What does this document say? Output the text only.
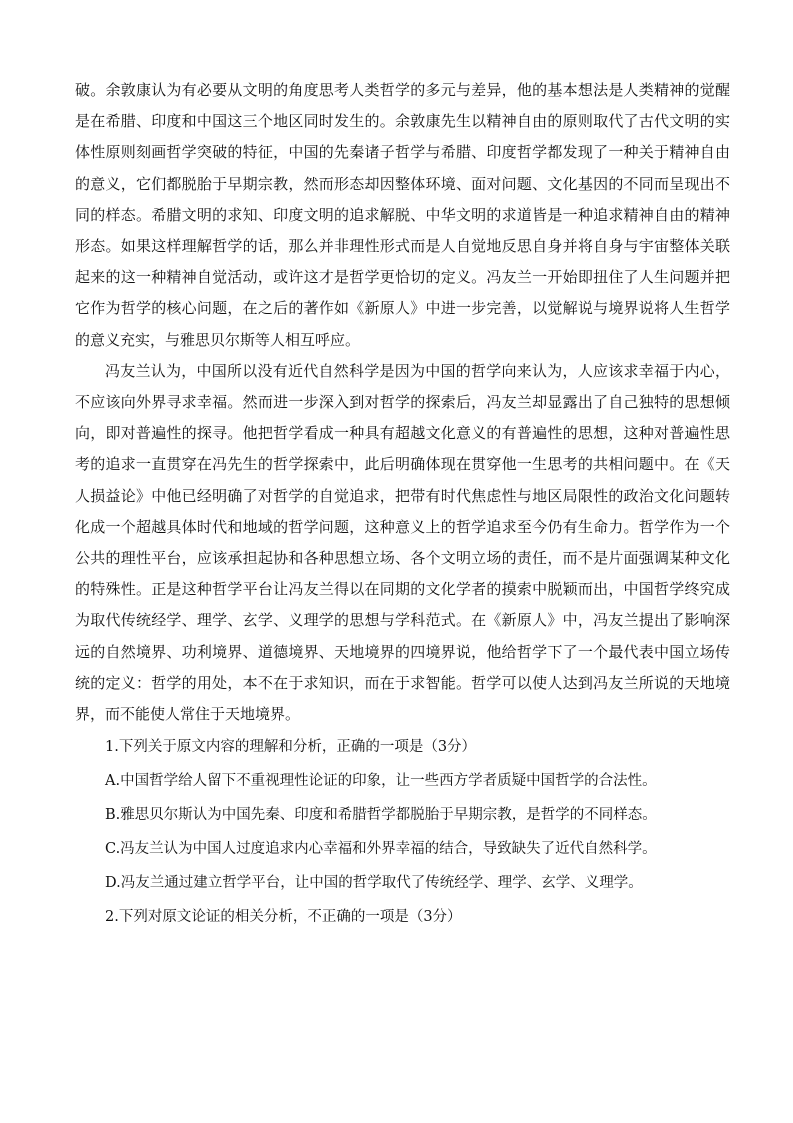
破。余敦康认为有必要从文明的角度思考人类哲学的多元与差异，他的基本想法是人类精神的觉醒是在希腊、印度和中国这三个地区同时发生的。余敦康先生以精神自由的原则取代了古代文明的实体性原则刻画哲学突破的特征，中国的先秦诸子哲学与希腊、印度哲学都发现了一种关于精神自由的意义，它们都脱胎于早期宗教，然而形态却因整体环境、面对问题、文化基因的不同而呈现出不同的样态。希腊文明的求知、印度文明的追求解脱、中华文明的求道皆是一种追求精神自由的精神形态。如果这样理解哲学的话，那么并非理性形式而是人自觉地反思自身并将自身与宇宙整体关联起来的这一种精神自觉活动，或许这才是哲学更恰切的定义。冯友兰一开始即扭住了人生问题并把它作为哲学的核心问题，在之后的著作如《新原人》中进一步完善，以觉解说与境界说将人生哲学的意义充实，与雅思贝尔斯等人相互呼应。

冯友兰认为，中国所以没有近代自然科学是因为中国的哲学向来认为，人应该求幸福于内心，不应该向外界寻求幸福。然而进一步深入到对哲学的探索后，冯友兰却显露出了自己独特的思想倾向，即对普遍性的探寻。他把哲学看成一种具有超越文化意义的有普遍性的思想，这种对普遍性思考的追求一直贯穿在冯先生的哲学探索中，此后明确体现在贯穿他一生思考的共相问题中。在《天人损益论》中他已经明确了对哲学的自觉追求，把带有时代焦虑性与地区局限性的政治文化问题转化成一个超越具体时代和地域的哲学问题，这种意义上的哲学追求至今仍有生命力。哲学作为一个公共的理性平台，应该承担起协和各种思想立场、各个文明立场的责任，而不是片面强调某种文化的特殊性。正是这种哲学平台让冯友兰得以在同期的文化学者的摸索中脱颖而出，中国哲学终究成为取代传统经学、理学、玄学、义理学的思想与学科范式。在《新原人》中，冯友兰提出了影响深远的自然境界、功利境界、道德境界、天地境界的四境界说，他给哲学下了一个最代表中国立场传统的定义：哲学的用处，本不在于求知识，而在于求智能。哲学可以使人达到冯友兰所说的天地境界，而不能使人常住于天地境界。

1.下列关于原文内容的理解和分析，正确的一项是（3分）

A.中国哲学给人留下不重视理性论证的印象，让一些西方学者质疑中国哲学的合法性。

B.雅思贝尔斯认为中国先秦、印度和希腊哲学都脱胎于早期宗教，是哲学的不同样态。

C.冯友兰认为中国人过度追求内心幸福和外界幸福的结合，导致缺失了近代自然科学。

D.冯友兰通过建立哲学平台，让中国的哲学取代了传统经学、理学、玄学、义理学。

2.下列对原文论证的相关分析，不正确的一项是（3分）
